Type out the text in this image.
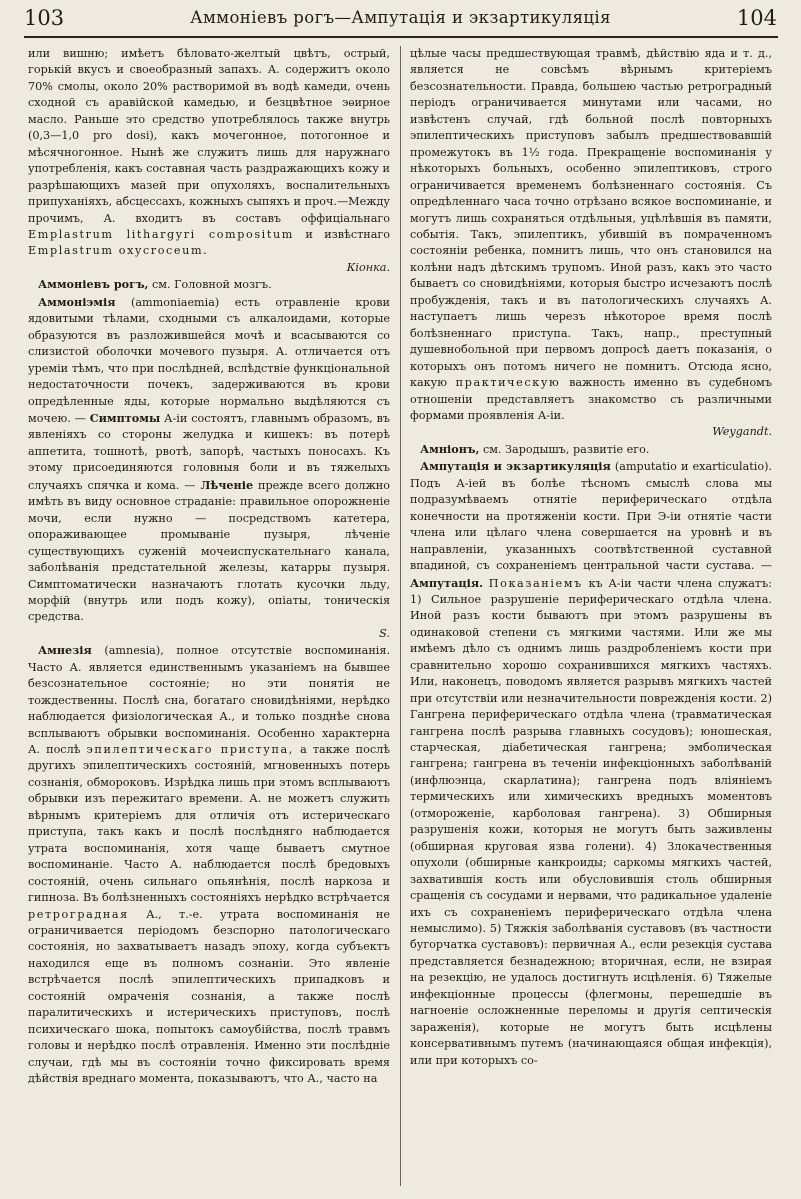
103	Аммоніевъ рогъ—Ампутація и экзартикуляція	104

или вишню; имѣетъ бѣловато-желтый цвѣтъ, острый, горькій вкусъ и своеобразный запахъ. А. содержитъ около 70% смолы, около 20% растворимой въ водѣ камеди, очень сходной съ аравійской камедью, и безцвѣтное эѳирное масло. Раньше это средство употреблялось также внутрь (0,3—1,0 pro dosi), какъ мочегонное, потогонное и мѣсячногонное. Нынѣ же служитъ лишь для наружнаго употребленія, какъ составная часть раздражающихъ кожу и разрѣшающихъ мазей при опухоляхъ, воспалительныхъ припуханіяхъ, абсцессахъ, кожныхъ сыпяхъ и проч.—Между прочимъ, А. входитъ въ составъ оффиціальнаго Emplastrum lithargyri compositum и извѣстнаго Emplastrum oxycroceum.
Кіонка.

Аммоніевъ рогъ, см. Головной мозгъ.

Аммоніэмія (ammoniaemia) есть отравленіе крови ядовитыми тѣлами, сходными съ алкалоидами, которые образуются въ разложившейся мочѣ и всасываются со слизистой оболочки мочевого пузыря. А. отличается отъ уреміи тѣмъ, что при послѣдней, вслѣдствіе функціональной недостаточности почекъ, задерживаются въ крови опредѣленные яды, которые нормально выдѣляются съ мочею. — Симптомы А-іи состоятъ, главнымъ образомъ, въ явленіяхъ со стороны желудка и кишекъ: въ потерѣ аппетита, тошнотѣ, рвотѣ, запорѣ, частыхъ поносахъ. Къ этому присоединяются головныя боли и въ тяжелыхъ случаяхъ спячка и кома. — Лѣченіе прежде всего должно имѣть въ виду основное страданіе: правильное опорожненіе мочи, если нужно — посредствомъ катетера, опораживающее промываніе пузыря, лѣченіе существующихъ суженій мочеиспускательнаго канала, заболѣванія предстательной железы, катарры пузыря. Симптоматически назначаютъ глотать кусочки льду, морфій (внутрь или подъ кожу), опіаты, тоническія средства.
S.

Амнезія (amnesia), полное отсутствіе воспоминанія. Часто А. является единственнымъ указаніемъ на бывшее безсознательное состояніе; но эти понятія не тождественны. Послѣ сна, богатаго сновидѣніями, нерѣдко наблюдается физіологическая А., и только позднѣе снова всплываютъ обрывки воспоминанія. Особенно характерна А. послѣ эпилептическаго приступа, а также послѣ другихъ эпилептическихъ состояній, мгновенныхъ потерь сознанія, обмороковъ. Изрѣдка лишь при этомъ всплываютъ обрывки изъ пережитаго времени. А. не можетъ служить вѣрнымъ критеріемъ для отличія отъ истерическаго приступа, такъ какъ и послѣ послѣдняго наблюдается утрата воспоминанія, хотя чаще бываетъ смутное воспоминаніе. Часто А. наблюдается послѣ бредовыхъ состояній, очень сильнаго опьянѣнія, послѣ наркоза и гипноза. Въ болѣзненныхъ состояніяхъ нерѣдко встрѣчается ретроградная А., т.-е. утрата воспоминанія не ограничивается періодомъ безспорно патологическаго состоянія, но захватываетъ назадъ эпоху, когда субъектъ находился еще въ полномъ сознаніи. Это явленіе встрѣчается послѣ эпилептическихъ припадковъ и состояній омраченія сознанія, а также послѣ паралитическихъ и истерическихъ приступовъ, послѣ психическаго шока, попытокъ самоубійства, послѣ травмъ головы и нерѣдко послѣ отравленія. Именно эти послѣдніе случаи, гдѣ мы въ состояніи точно фиксировать время дѣйствія вреднаго момента, показываютъ, что А., часто на

цѣлые часы предшествующая травмѣ, дѣйствію яда и т. д., является не совсѣмъ вѣрнымъ критеріемъ безсознательности. Правда, большею частью ретроградный періодъ ограничивается минутами или часами, но извѣстенъ случай, гдѣ больной послѣ повторныхъ эпилептическихъ приступовъ забылъ предшествовавшій промежутокъ въ 1½ года. Прекращеніе воспоминанія у нѣкоторыхъ больныхъ, особенно эпилептиковъ, строго ограничивается временемъ болѣзненнаго состоянія. Съ опредѣленнаго часа точно отрѣзано всякое воспоминаніе, и могутъ лишь сохраняться отдѣльныя, уцѣлѣвшія въ памяти, событія. Такъ, эпилептикъ, убившій въ помраченномъ состояніи ребенка, помнитъ лишь, что онъ становился на колѣни надъ дѣтскимъ трупомъ. Иной разъ, какъ это часто бываетъ со сновидѣніями, которыя быстро исчезаютъ послѣ пробужденія, такъ и въ патологическихъ случаяхъ А. наступаетъ лишь черезъ нѣкоторое время послѣ болѣзненнаго приступа. Такъ, напр., преступный душевнобольной при первомъ допросѣ даетъ показанія, о которыхъ онъ потомъ ничего не помнитъ. Отсюда ясно, какую практическую важность именно въ судебномъ отношеніи представляетъ знакомство съ различными формами проявленія А-іи.
Weygandt.

Амніонъ, см. Зародышъ, развитіе его.

Ампутація и экзартикуляція (amputatio и exarticulatio). Подъ А-іей въ болѣе тѣсномъ смыслѣ слова мы подразумѣваемъ отнятіе периферическаго отдѣла конечности на протяженіи кости. При Э-іи отнятіе части члена или цѣлаго члена совершается на уровнѣ и въ направленіи, указанныхъ соотвѣтственной суставной впадиной, съ сохраненіемъ центральной части сустава. — Ампутація. Показаніемъ къ А-іи части члена служатъ: 1) Сильное разрушеніе периферическаго отдѣла члена. Иной разъ кости бываютъ при этомъ разрушены въ одинаковой степени съ мягкими частями. Или же мы имѣемъ дѣло съ однимъ лишь раздробленіемъ кости при сравнительно хорошо сохранившихся мягкихъ частяхъ. Или, наконецъ, поводомъ является разрывъ мягкихъ частей при отсутствіи или незначительности поврежденія кости. 2) Гангрена периферическаго отдѣла члена (травматическая гангрена послѣ разрыва главныхъ сосудовъ); юношеская, старческая, діабетическая гангрена; эмболическая гангрена; гангрена въ теченіи инфекціонныхъ заболѣваній (инфлюэнца, скарлатина); гангрена подъ вліяніемъ термическихъ или химическихъ вредныхъ моментовъ (отмороженіе, карболовая гангрена). 3) Обширныя разрушенія кожи, которыя не могутъ быть заживлены (обширная круговая язва голени). 4) Злокачественныя опухоли (обширные канкроиды; саркомы мягкихъ частей, захватившія кость или обусловившія столь обширныя сращенія съ сосудами и нервами, что радикальное удаленіе ихъ съ сохраненіемъ периферическаго отдѣла члена немыслимо). 5) Тяжкія заболѣванія суставовъ (въ частности бугорчатка суставовъ): первичная А., если резекція сустава представляется безнадежною; вторичная, если, не взирая на резекцію, не удалось достигнуть исцѣленія. 6) Тяжелые инфекціонные процессы (флегмоны, перешедшіе въ нагноеніе осложненные переломы и другія септическія зараженія), которые не могутъ быть исцѣлены консервативнымъ путемъ (начинающаяся общая инфекція), или при которыхъ со-
